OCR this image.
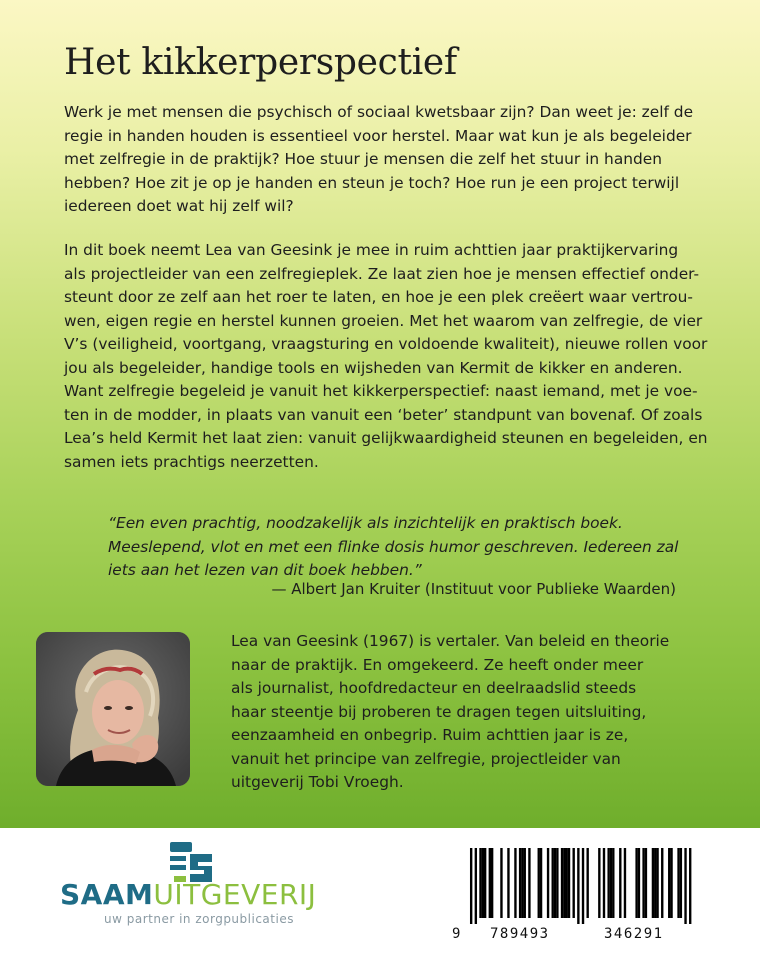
Het kikkerperspectief

Werk je met mensen die psychisch of sociaal kwetsbaar zijn? Dan weet je: zelf de
regie in handen houden is essentieel voor herstel. Maar wat kun je als begeleider
met zelfregie in de praktijk? Hoe stuur je mensen die zelf het stuur in handen
hebben? Hoe zit je op je handen en steun je toch? Hoe run je een project terwijl
iedereen doet wat hij zelf wil?

In dit boek neemt Lea van Geesink je mee in ruim achttien jaar praktijkervaring
als projectleider van een zelfregieplek. Ze laat zien hoe je mensen effectief onder-
steunt door ze zelf aan het roer te laten, en hoe je een plek creëert waar vertrou-
wen, eigen regie en herstel kunnen groeien. Met het waarom van zelfregie, de vier
V’s (veiligheid, voortgang, vraagsturing en voldoende kwaliteit), nieuwe rollen voor
jou als begeleider, handige tools en wijsheden van Kermit de kikker en anderen.
Want zelfregie begeleid je vanuit het kikkerperspectief: naast iemand, met je voe-
ten in de modder, in plaats van vanuit een ‘beter’ standpunt van bovenaf. Of zoals
Lea’s held Kermit het laat zien: vanuit gelijkwaardigheid steunen en begeleiden, en
samen iets prachtigs neerzetten.

“Een even prachtig, noodzakelijk als inzichtelijk en praktisch boek.
Meeslepend, vlot en met een flinke dosis humor geschreven. Iedereen zal
iets aan het lezen van dit boek hebben.”

— Albert Jan Kruiter (Instituut voor Publieke Waarden)

Lea van Geesink (1967) is vertaler. Van beleid en theorie
naar de praktijk. En omgekeerd. Ze heeft onder meer
als journalist, hoofdredacteur en deelraadslid steeds
haar steentje bij proberen te dragen tegen uitsluiting,
eenzaamheid en onbegrip. Ruim achttien jaar is ze,
vanuit het principe van zelfregie, projectleider van
uitgeverij Tobi Vroegh.

SAAMUITGEVERIJ

uw partner in zorgpublicaties

9 789493	346291
